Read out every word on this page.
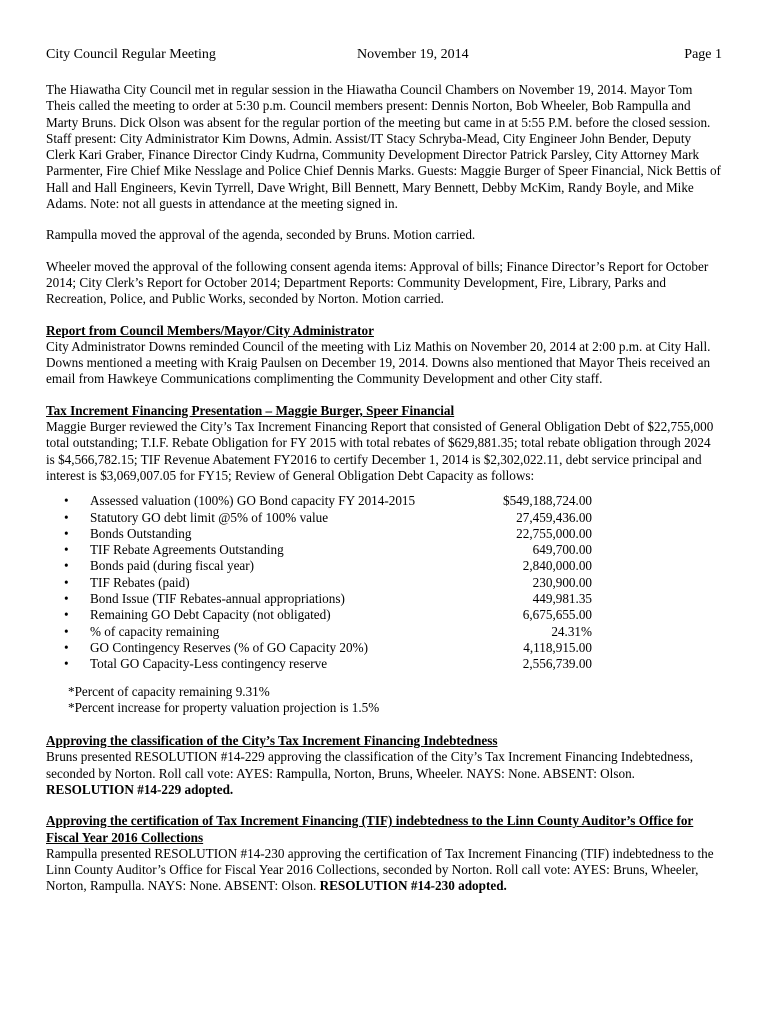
City Council Regular Meeting	November 19, 2014	Page 1

The Hiawatha City Council met in regular session in the Hiawatha Council Chambers on November 19, 2014. Mayor Tom Theis called the meeting to order at 5:30 p.m. Council members present: Dennis Norton, Bob Wheeler, Bob Rampulla and Marty Bruns. Dick Olson was absent for the regular portion of the meeting but came in at 5:55 P.M. before the closed session. Staff present: City Administrator Kim Downs, Admin. Assist/IT Stacy Schryba-Mead, City Engineer John Bender, Deputy Clerk Kari Graber, Finance Director Cindy Kudrna, Community Development Director Patrick Parsley, City Attorney Mark Parmenter, Fire Chief Mike Nesslage and Police Chief Dennis Marks. Guests: Maggie Burger of Speer Financial, Nick Bettis of Hall and Hall Engineers, Kevin Tyrrell, Dave Wright, Bill Bennett, Mary Bennett, Debby McKim, Randy Boyle, and Mike Adams. Note: not all guests in attendance at the meeting signed in.

Rampulla moved the approval of the agenda, seconded by Bruns. Motion carried.

Wheeler moved the approval of the following consent agenda items: Approval of bills; Finance Director’s Report for October 2014; City Clerk’s Report for October 2014; Department Reports: Community Development, Fire, Library, Parks and Recreation, Police, and Public Works, seconded by Norton. Motion carried.

Report from Council Members/Mayor/City Administrator
City Administrator Downs reminded Council of the meeting with Liz Mathis on November 20, 2014 at 2:00 p.m. at City Hall. Downs mentioned a meeting with Kraig Paulsen on December 19, 2014. Downs also mentioned that Mayor Theis received an email from Hawkeye Communications complimenting the Community Development and other City staff.

Tax Increment Financing Presentation – Maggie Burger, Speer Financial
Maggie Burger reviewed the City’s Tax Increment Financing Report that consisted of General Obligation Debt of $22,755,000 total outstanding; T.I.F. Rebate Obligation for FY 2015 with total rebates of $629,881.35; total rebate obligation through 2024 is $4,566,782.15; TIF Revenue Abatement FY2016 to certify December 1, 2014 is $2,302,022.11, debt service principal and interest is $3,069,007.05 for FY15; Review of General Obligation Debt Capacity as follows:
• Assessed valuation (100%) GO Bond capacity FY 2014-2015	$549,188,724.00
• Statutory GO debt limit @5% of 100% value	27,459,436.00
• Bonds Outstanding	22,755,000.00
• TIF Rebate Agreements Outstanding	649,700.00
• Bonds paid (during fiscal year)	2,840,000.00
• TIF Rebates (paid)	230,900.00
• Bond Issue (TIF Rebates-annual appropriations)	449,981.35
• Remaining GO Debt Capacity (not obligated)	6,675,655.00
• % of capacity remaining	24.31%
• GO Contingency Reserves (% of GO Capacity 20%)	4,118,915.00
• Total GO Capacity-Less contingency reserve	2,556,739.00
*Percent of capacity remaining 9.31%
*Percent increase for property valuation projection is 1.5%

Approving the classification of the City’s Tax Increment Financing Indebtedness
Bruns presented RESOLUTION #14-229 approving the classification of the City’s Tax Increment Financing Indebtedness, seconded by Norton. Roll call vote: AYES: Rampulla, Norton, Bruns, Wheeler. NAYS: None. ABSENT: Olson. RESOLUTION #14-229 adopted.

Approving the certification of Tax Increment Financing (TIF) indebtedness to the Linn County Auditor’s Office for Fiscal Year 2016 Collections
Rampulla presented RESOLUTION #14-230 approving the certification of Tax Increment Financing (TIF) indebtedness to the Linn County Auditor’s Office for Fiscal Year 2016 Collections, seconded by Norton. Roll call vote: AYES: Bruns, Wheeler, Norton, Rampulla. NAYS: None. ABSENT: Olson. RESOLUTION #14-230 adopted.
